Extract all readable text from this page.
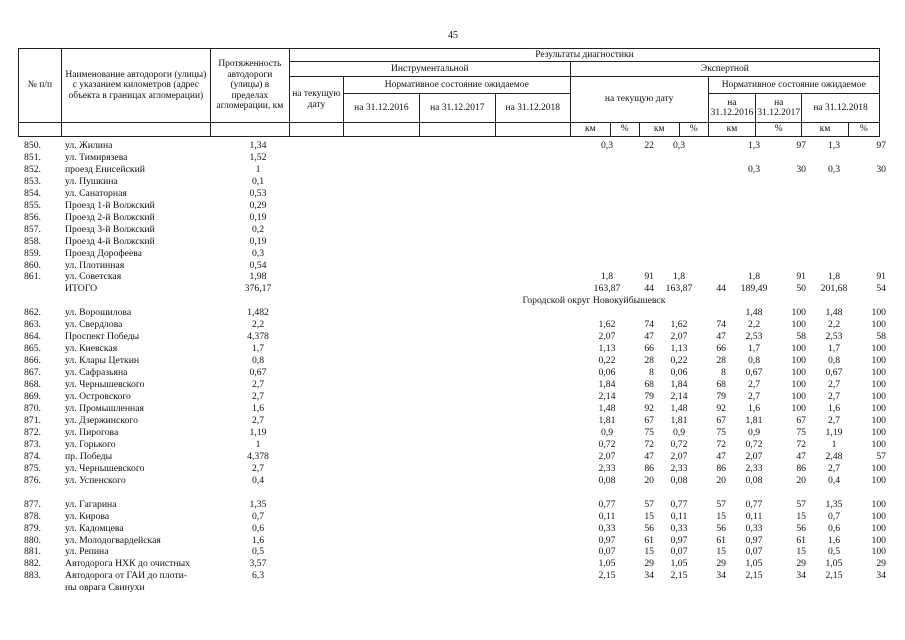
45
№ п/п	Наименование автодороги (улицы) с указанием километров (адрес объекта в границах агломерации)	Протяженность автодороги (улицы) в пределах агломерации, км	Результаты диагностики											
			Инструментальной				Экспертной							
			на текущую дату	Нормативное состояние ожидаемое			на текущую дату				Нормативное состояние ожидаемое			
				на 31.12.2016	на 31.12.2017	на 31.12.2018					на 31.12.2016	на 31.12.2017	на 31.12.2018	
							км	%	км	%	км	%	км	%
850.	ул. Жилина	1,34					0,3	22	0,3		1,3	97	1,3	97
851.	ул. Тимирязева	1,52												
852.	проезд Енисейский	1									0,3	30	0,3	30
853.	ул. Пушкина	0,1												
854.	ул. Санаторная	0,53												
855.	Проезд 1-й Волжский	0,29												
856.	Проезд 2-й Волжский	0,19												
857.	Проезд 3-й Волжский	0,2												
858.	Проезд 4-й Волжский	0,19												
859.	Проезд Дорофеева	0,3												
860.	ул. Плотинная	0,54												
861.	ул. Советская	1,98					1,8	91	1,8		1,8	91	1,8	91
	ИТОГО	376,17					163,87	44	163,87	44	189,49	50	201,68	54
			Городской округ Новокуйбышевск											
862.	ул. Ворошилова	1,482									1,48	100	1,48	100
863.	ул. Свердлова	2,2					1,62	74	1,62	74	2,2	100	2,2	100
864.	Проспект Победы	4,378					2,07	47	2,07	47	2,53	58	2,53	58
865.	ул. Киевская	1,7					1,13	66	1,13	66	1,7	100	1,7	100
866.	ул. Клары Цеткин	0,8					0,22	28	0,22	28	0,8	100	0,8	100
867.	ул. Сафразьяна	0,67					0,06	8	0,06	8	0,67	100	0,67	100
868.	ул. Чернышевского	2,7					1,84	68	1,84	68	2,7	100	2,7	100
869.	ул. Островского	2,7					2,14	79	2,14	79	2,7	100	2,7	100
870.	ул. Промышленная	1,6					1,48	92	1,48	92	1,6	100	1,6	100
871.	ул. Дзержинского	2,7					1,81	67	1,81	67	1,81	67	2,7	100
872.	ул. Пирогова	1,19					0,9	75	0,9	75	0,9	75	1,19	100
873.	ул. Горького	1					0,72	72	0,72	72	0,72	72	1	100
874.	пр. Победы	4,378					2,07	47	2,07	47	2,07	47	2,48	57
875.	ул. Чернышевского	2,7					2,33	86	2,33	86	2,33	86	2,7	100
876.	ул. Успенского	0,4					0,08	20	0,08	20	0,08	20	0,4	100

877.	ул. Гагарина	1,35					0,77	57	0,77	57	0,77	57	1,35	100
878.	ул. Кирова	0,7					0,11	15	0,11	15	0,11	15	0,7	100
879.	ул. Кадомцева	0,6					0,33	56	0,33	56	0,33	56	0,6	100
880.	ул. Молодогвардейская	1,6					0,97	61	0,97	61	0,97	61	1,6	100
881.	ул. Репина	0,5					0,07	15	0,07	15	0,07	15	0,5	100
882.	Автодорога НХК до очистных	3,57					1,05	29	1,05	29	1,05	29	1,05	29
883.	Автодорога от ГАИ до плоти-	6,3					2,15	34	2,15	34	2,15	34	2,15	34
	ны оврага Свинухи													
